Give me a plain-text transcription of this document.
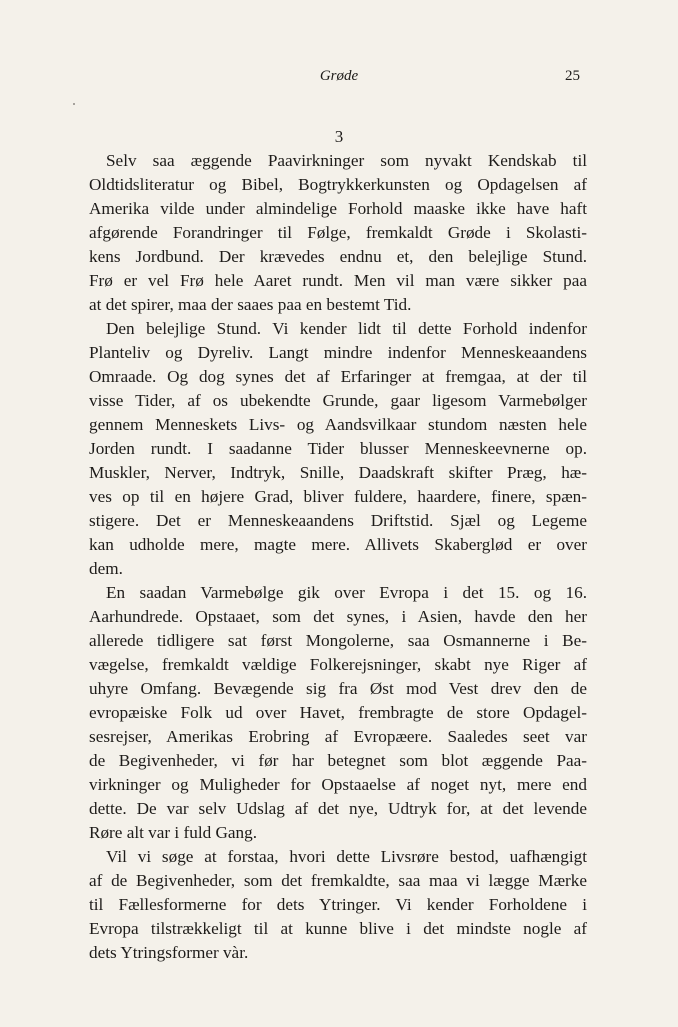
Grøde	25
3
Selv saa æggende Paavirkninger som nyvakt Kendskab til
Oldtidsliteratur og Bibel, Bogtrykkerkunsten og Opdagelsen af
Amerika vilde under almindelige Forhold maaske ikke have haft
afgørende Forandringer til Følge, fremkaldt Grøde i Skolasti-
kens Jordbund. Der krævedes endnu et, den belejlige Stund.
Frø er vel Frø hele Aaret rundt. Men vil man være sikker paa
at det spirer, maa der saaes paa en bestemt Tid.
Den belejlige Stund. Vi kender lidt til dette Forhold indenfor
Planteliv og Dyreliv. Langt mindre indenfor Menneskeaandens
Omraade. Og dog synes det af Erfaringer at fremgaa, at der til
visse Tider, af os ubekendte Grunde, gaar ligesom Varmebølger
gennem Menneskets Livs- og Aandsvilkaar stundom næsten hele
Jorden rundt. I saadanne Tider blusser Menneskeevnerne op.
Muskler, Nerver, Indtryk, Snille, Daadskraft skifter Præg, hæ-
ves op til en højere Grad, bliver fuldere, haardere, finere, spæn-
stigere. Det er Menneskeaandens Driftstid. Sjæl og Legeme
kan udholde mere, magte mere. Allivets Skaberglød er over
dem.
En saadan Varmebølge gik over Evropa i det 15. og 16.
Aarhundrede. Opstaaet, som det synes, i Asien, havde den her
allerede tidligere sat først Mongolerne, saa Osmannerne i Be-
vægelse, fremkaldt vældige Folkerejsninger, skabt nye Riger af
uhyre Omfang. Bevægende sig fra Øst mod Vest drev den de
evropæiske Folk ud over Havet, frembragte de store Opdagel-
sesrejser, Amerikas Erobring af Evropæere. Saaledes seet var
de Begivenheder, vi før har betegnet som blot æggende Paa-
virkninger og Muligheder for Opstaaelse af noget nyt, mere end
dette. De var selv Udslag af det nye, Udtryk for, at det levende
Røre alt var i fuld Gang.
Vil vi søge at forstaa, hvori dette Livsrøre bestod, uafhængigt
af de Begivenheder, som det fremkaldte, saa maa vi lægge Mærke
til Fællesformerne for dets Ytringer. Vi kender Forholdene i
Evropa tilstrækkeligt til at kunne blive i det mindste nogle af
dets Ytringsformer vàr.
